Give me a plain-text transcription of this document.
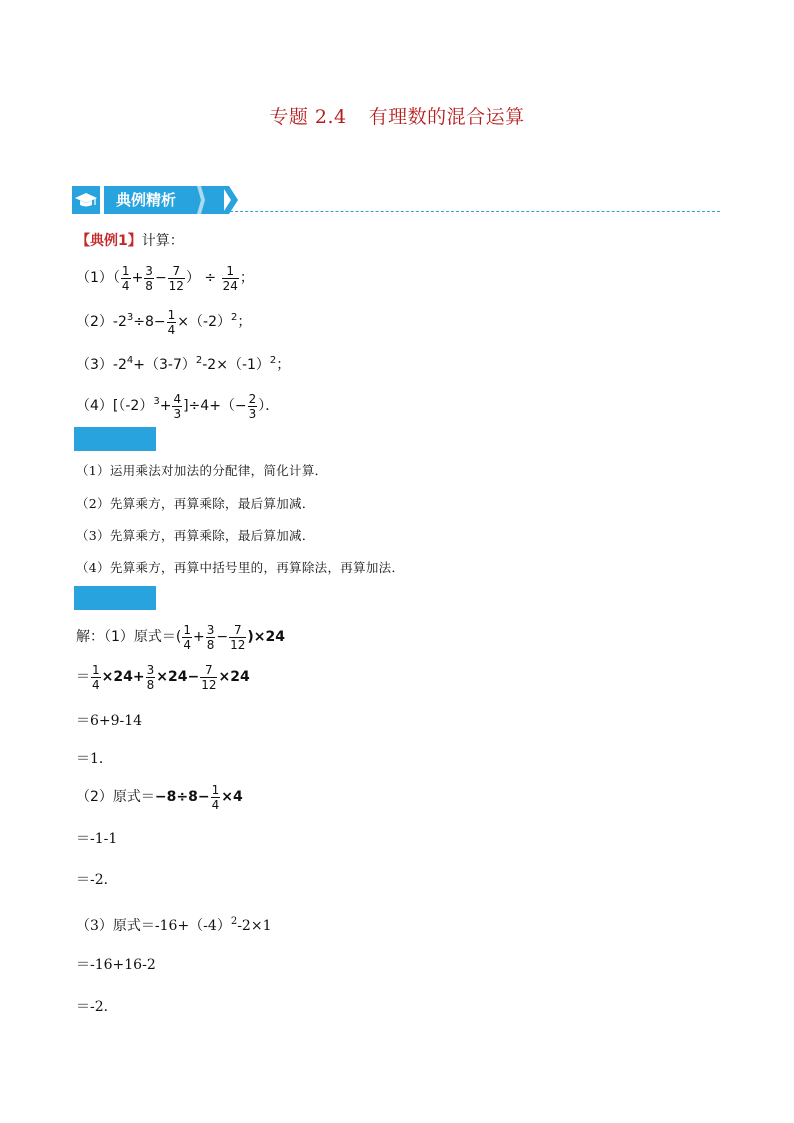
专题 2.4 有理数的混合运算
典例精析
【典例1】计算：
$(1)( \frac{1}{4} + \frac{3}{8} - \frac{7}{12}$ ） ÷ $\frac{1}{24}$ ；
$(2)-2^3\div 8- \frac{1}{4} \times(-2)^2$；
$(3)-2^4+(3-7)^2-2\times(-1)^2$；
$(4)[(-2)^3+ \frac{4}{3} ]\div 4+(- \frac{2}{3}$ ）．
（1）运用乘法对加法的分配律，简化计算．
（2）先算乘方，再算乘除，最后算加减．
（3）先算乘方，再算乘除，最后算加减．
（4）先算乘方，再算中括号里的，再算除法，再算加法．
解：（1）原式＝( $\frac{1}{4} + \frac{3}{8} - \frac{7}{12} )\times 24$
＝ $\frac{1}{4} \times 24+ \frac{3}{8} \times 24- \frac{7}{12} \times 24$
＝6+9-14
＝1．
（2）原式$=-8\div 8- \frac{1}{4} \times 4$
＝-1-1
＝-2．
（3）原式$=-16+(-4)^2-2\times 1$
＝-16+16-2
＝-2．
